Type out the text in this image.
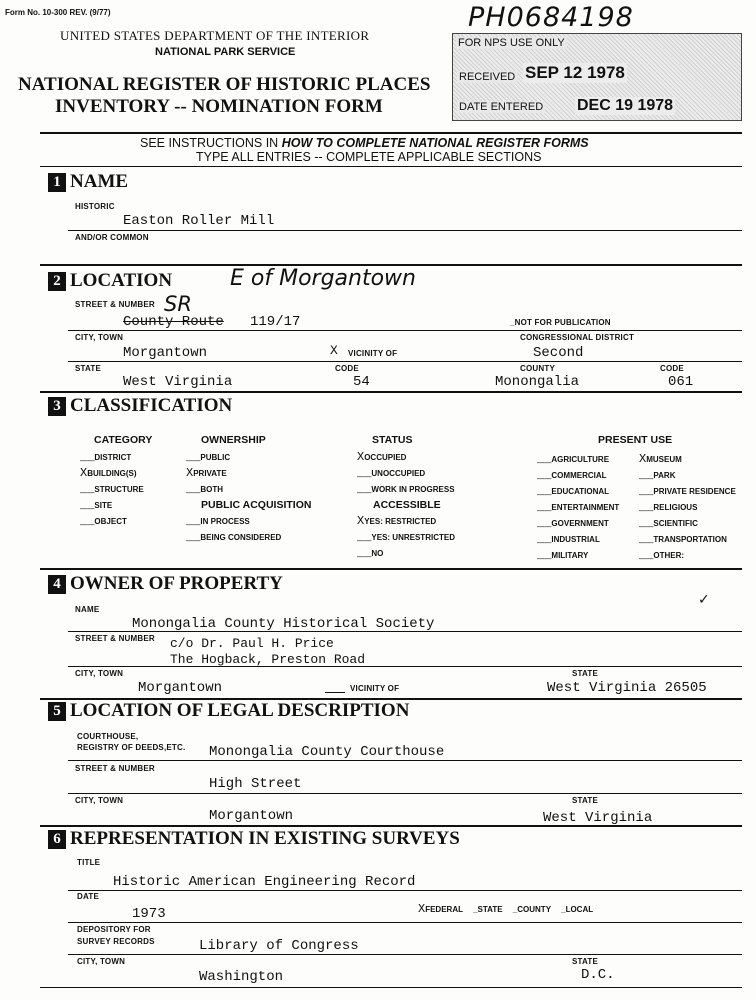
Form No. 10-300 REV. (9/77)
UNITED STATES DEPARTMENT OF THE INTERIOR
NATIONAL PARK SERVICE
NATIONAL REGISTER OF HISTORIC PLACES
INVENTORY -- NOMINATION FORM
PH0684198
FOR NPS USE ONLY
RECEIVED SEP 12 1978
DATE ENTERED DEC 19 1978
SEE INSTRUCTIONS IN HOW TO COMPLETE NATIONAL REGISTER FORMS
TYPE ALL ENTRIES -- COMPLETE APPLICABLE SECTIONS
1 NAME
HISTORIC
Easton Roller Mill
AND/OR COMMON
2 LOCATION	E of Morgantown
STREET & NUMBER SR
County Route 119/17	_NOT FOR PUBLICATION
CITY, TOWN	CONGRESSIONAL DISTRICT
Morgantown	X VICINITY OF	Second
STATE	CODE	COUNTY	CODE
West Virginia	54	Monongalia	061
3 CLASSIFICATION
CATEGORY
__DISTRICT
XBUILDING(S)
__STRUCTURE
__SITE
__OBJECT
OWNERSHIP
__PUBLIC
XPRIVATE
__BOTH
PUBLIC ACQUISITION
__IN PROCESS
__BEING CONSIDERED
STATUS
XOCCUPIED
__UNOCCUPIED
__WORK IN PROGRESS
ACCESSIBLE
XYES: RESTRICTED
__YES: UNRESTRICTED
__NO
PRESENT USE
__AGRICULTURE
__COMMERCIAL
__EDUCATIONAL
__ENTERTAINMENT
__GOVERNMENT
__INDUSTRIAL
__MILITARY
XMUSEUM
__PARK
__PRIVATE RESIDENCE
__RELIGIOUS
__SCIENTIFIC
__TRANSPORTATION
__OTHER:
4 OWNER OF PROPERTY
✓
NAME
Monongalia County Historical Society
STREET & NUMBER c/o Dr. Paul H. Price
The Hogback, Preston Road
CITY, TOWN	STATE
Morgantown	VICINITY OF	West Virginia 26505
5 LOCATION OF LEGAL DESCRIPTION
COURTHOUSE,
REGISTRY OF DEEDS,ETC. Monongalia County Courthouse
STREET & NUMBER
High Street
CITY, TOWN	STATE
Morgantown	West Virginia
6 REPRESENTATION IN EXISTING SURVEYS
TITLE
Historic American Engineering Record
DATE
1973	XFEDERAL _STATE _COUNTY _LOCAL
DEPOSITORY FOR
SURVEY RECORDS	Library of Congress
CITY, TOWN	STATE
Washington	D.C.
